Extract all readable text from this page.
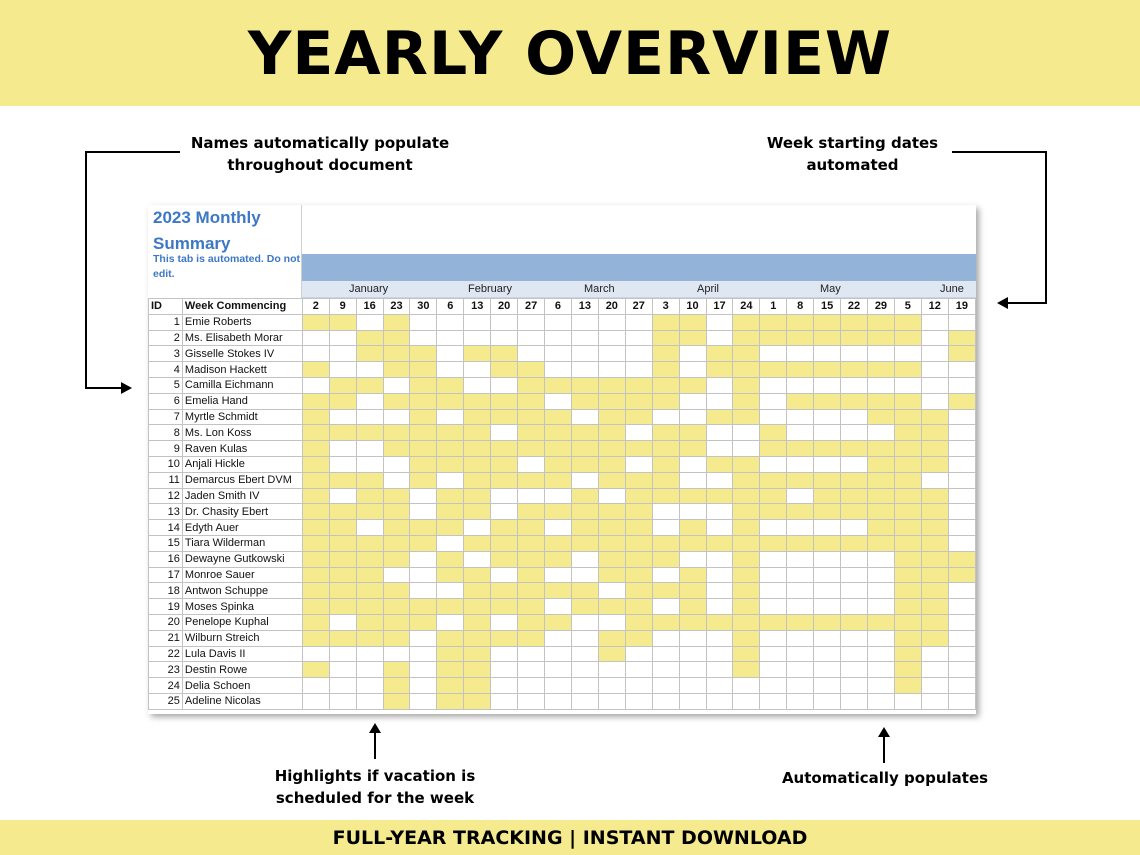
YEARLY OVERVIEW
Names automatically populate
throughout document
Week starting dates
automated
2023 Monthly Summary
This tab is automated. Do not edit.
January	February	March	April	May	June
ID	Week Commencing	2	9	16	23	30	6	13	20	27	6	13	20	27	3	10	17	24	1	8	15	22	29	5	12	19
1	Emie Roberts																									
2	Ms. Elisabeth Morar																									
3	Gisselle Stokes IV																									
4	Madison Hackett																									
5	Camilla Eichmann																									
6	Emelia Hand																									
7	Myrtle Schmidt																									
8	Ms. Lon Koss																									
9	Raven Kulas																									
10	Anjali Hickle																									
11	Demarcus Ebert DVM																									
12	Jaden Smith IV																									
13	Dr. Chasity Ebert																									
14	Edyth Auer																									
15	Tiara Wilderman																									
16	Dewayne Gutkowski																									
17	Monroe Sauer																									
18	Antwon Schuppe																									
19	Moses Spinka																									
20	Penelope Kuphal																									
21	Wilburn Streich																									
22	Lula Davis II																									
23	Destin Rowe																									
24	Delia Schoen																									
25	Adeline Nicolas																									
Highlights if vacation is
scheduled for the week
Automatically populates
FULL-YEAR TRACKING | INSTANT DOWNLOAD
